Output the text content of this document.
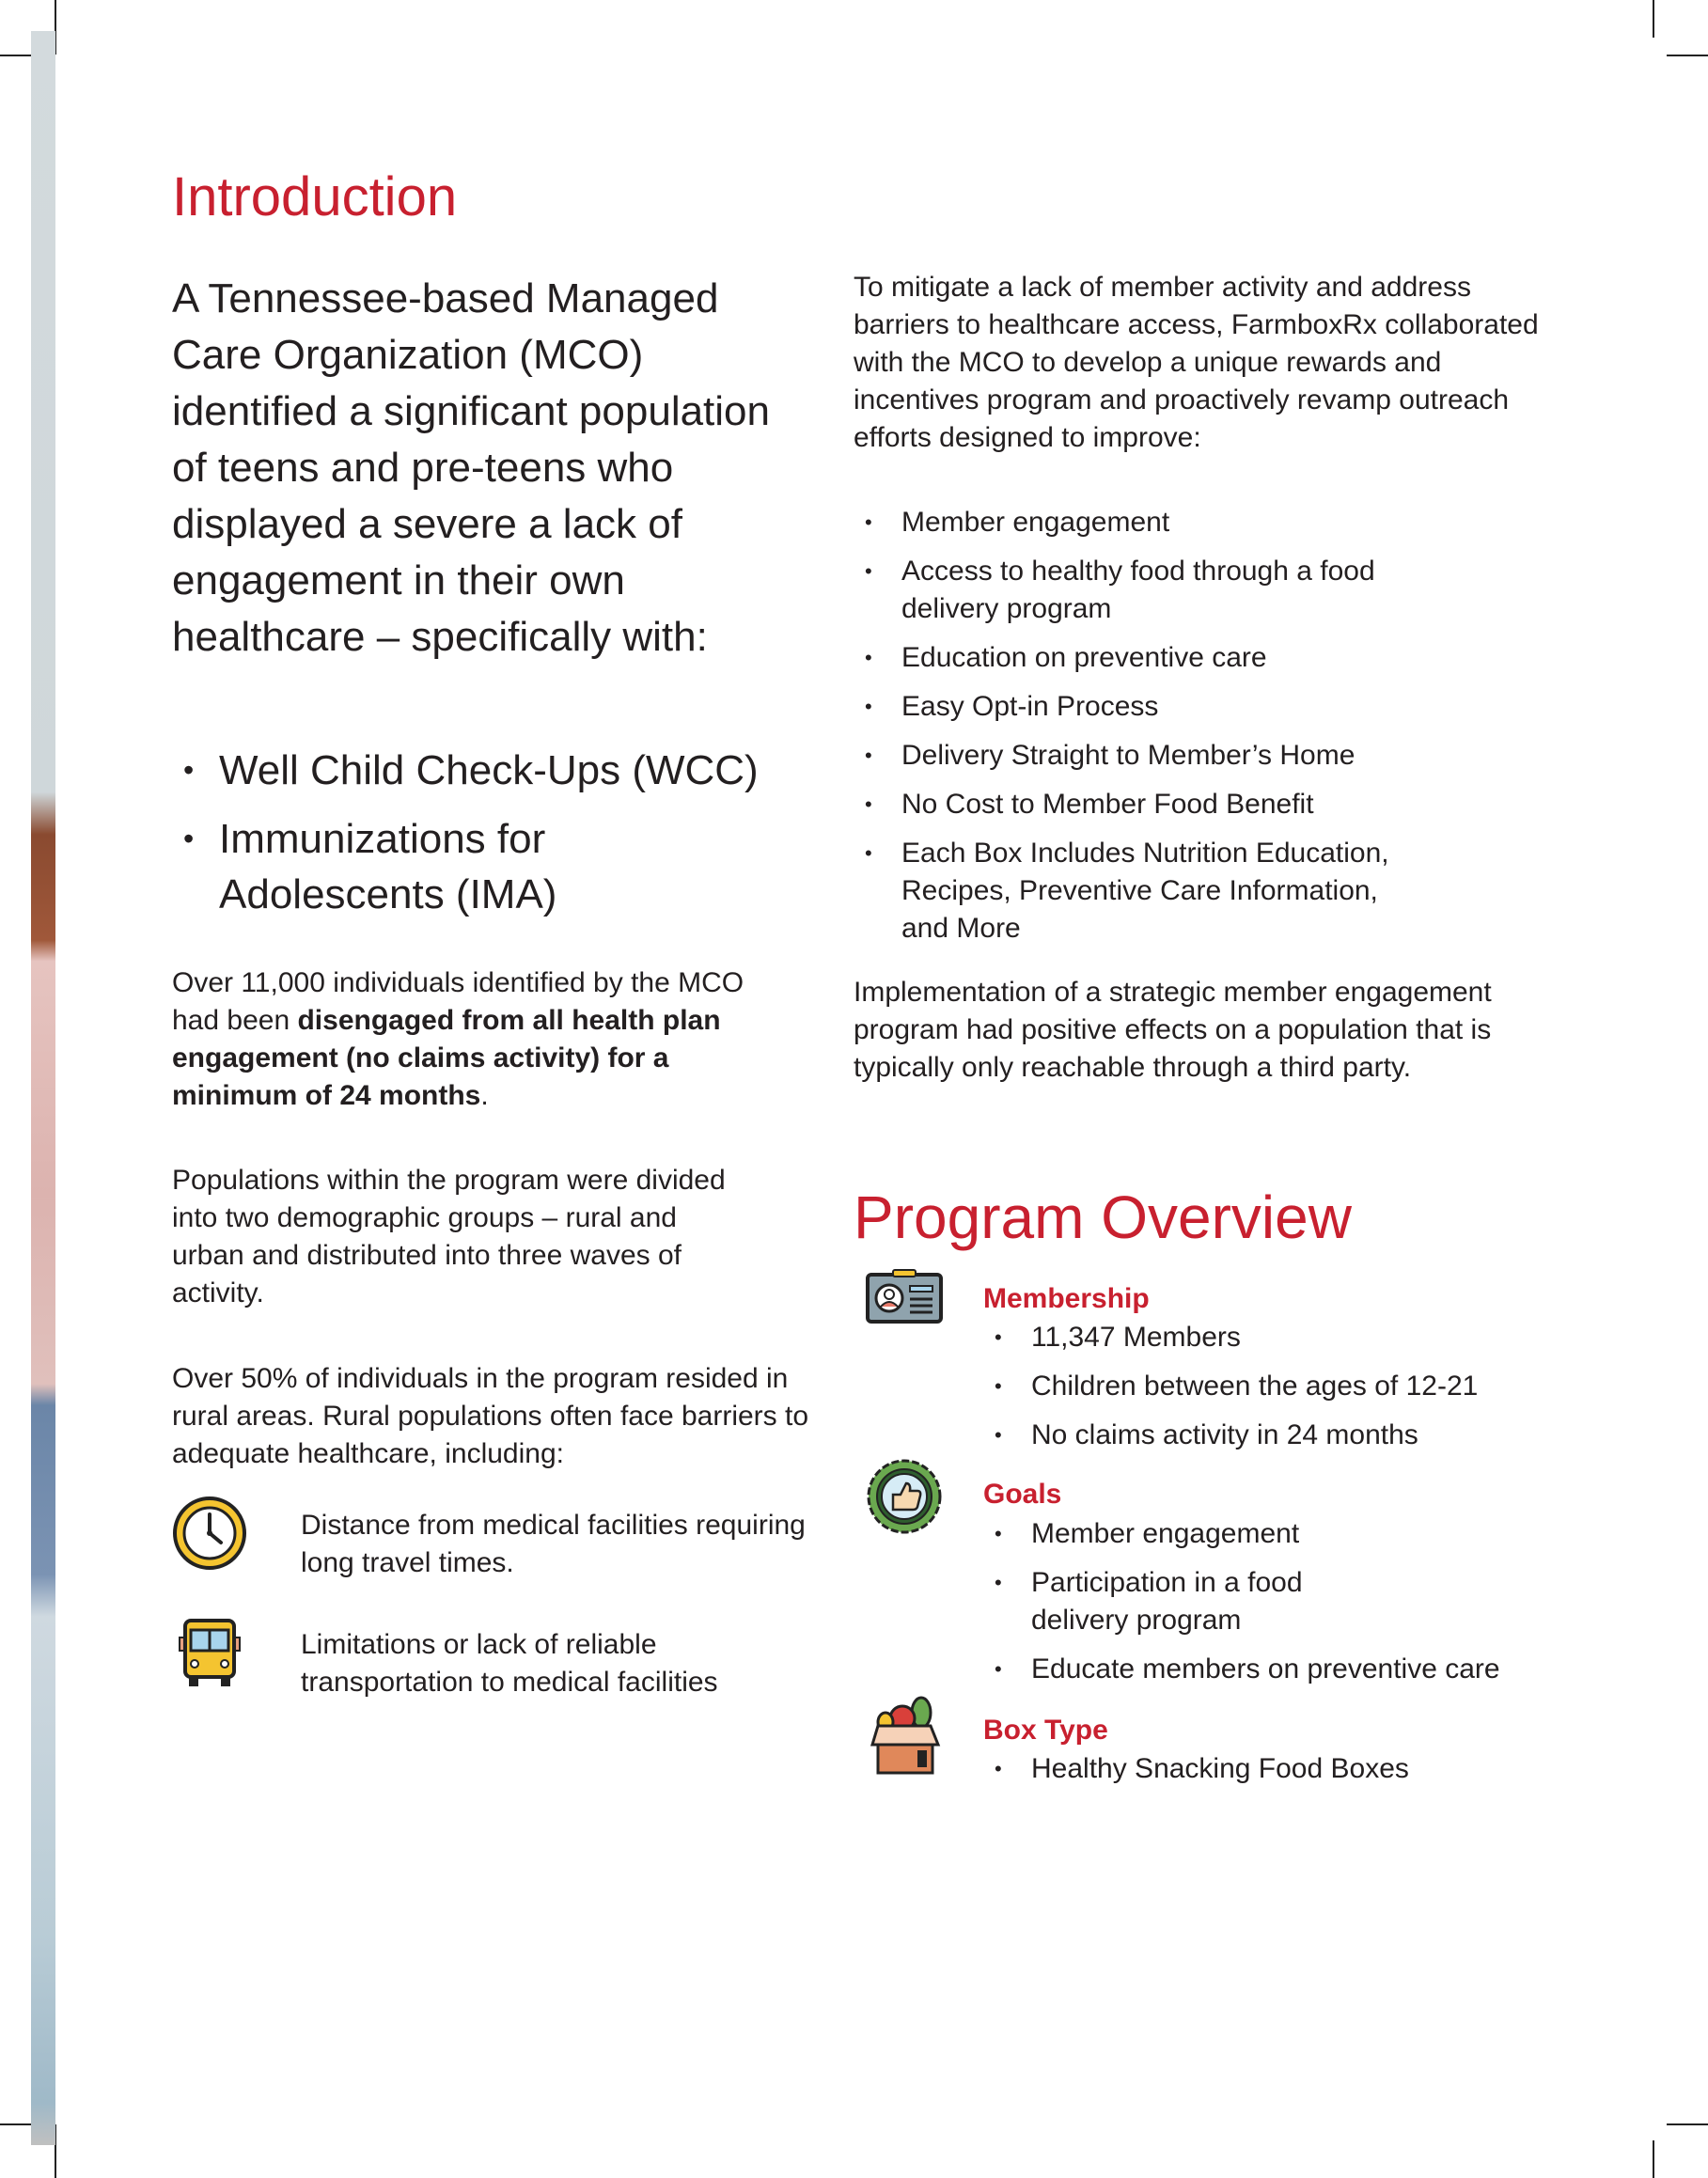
Introduction
A Tennessee-based Managed Care Organization (MCO) identified a significant population of teens and pre-teens who displayed a severe a lack of engagement in their own healthcare – specifically with:
• Well Child Check-Ups (WCC)
• Immunizations for Adolescents (IMA)

Over 11,000 individuals identified by the MCO had been disengaged from all health plan engagement (no claims activity) for a minimum of 24 months.

Populations within the program were divided into two demographic groups – rural and urban and distributed into three waves of activity.

Over 50% of individuals in the program resided in rural areas. Rural populations often face barriers to adequate healthcare, including:

Distance from medical facilities requiring long travel times.
Limitations or lack of reliable transportation to medical facilities

To mitigate a lack of member activity and address barriers to healthcare access, FarmboxRx collaborated with the MCO to develop a unique rewards and incentives program and proactively revamp outreach efforts designed to improve:

• Member engagement
• Access to healthy food through a food delivery program
• Education on preventive care
• Easy Opt-in Process
• Delivery Straight to Member’s Home
• No Cost to Member Food Benefit
• Each Box Includes Nutrition Education, Recipes, Preventive Care Information, and More

Implementation of a strategic member engagement program had positive effects on a population that is typically only reachable through a third party.

Program Overview
Membership
• 11,347 Members
• Children between the ages of 12-21
• No claims activity in 24 months
Goals
• Member engagement
• Participation in a food delivery program
• Educate members on preventive care
Box Type
• Healthy Snacking Food Boxes
